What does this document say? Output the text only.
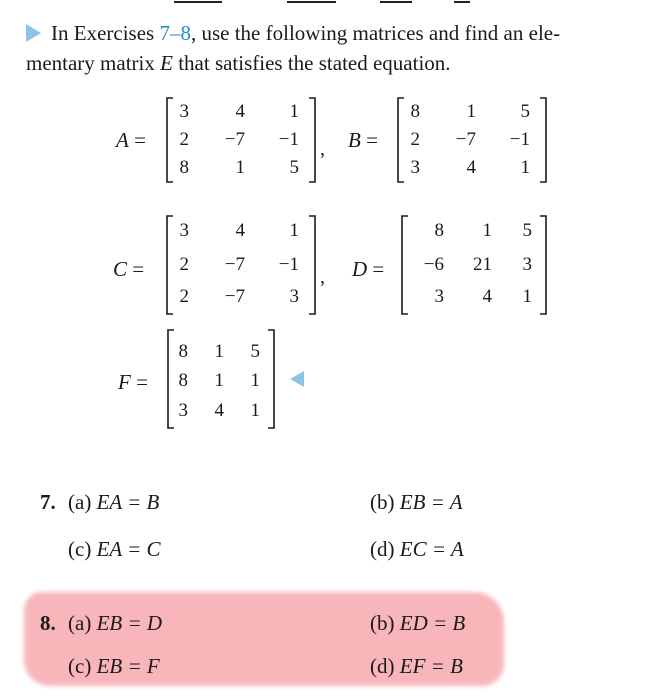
In Exercises 7–8, use the following matrices and find an ele-
mentary matrix E that satisfies the stated equation.
A =	B =
C =	D =
F =
,
,
3	4	1
2	−7	−1
8	1	5
8	1	5
2	−7	−1
3	4	1
3	4	1
2	−7	−1
2	−7	3
8	1	5
−6	21	3
3	4	1
8	1	5
8	1	1
3	4	1
7. (a) EA = B	(b) EB = A
(c) EA = C	(d) EC = A
8. (a) EB = D	(b) ED = B
(c) EB = F	(d) EF = B
